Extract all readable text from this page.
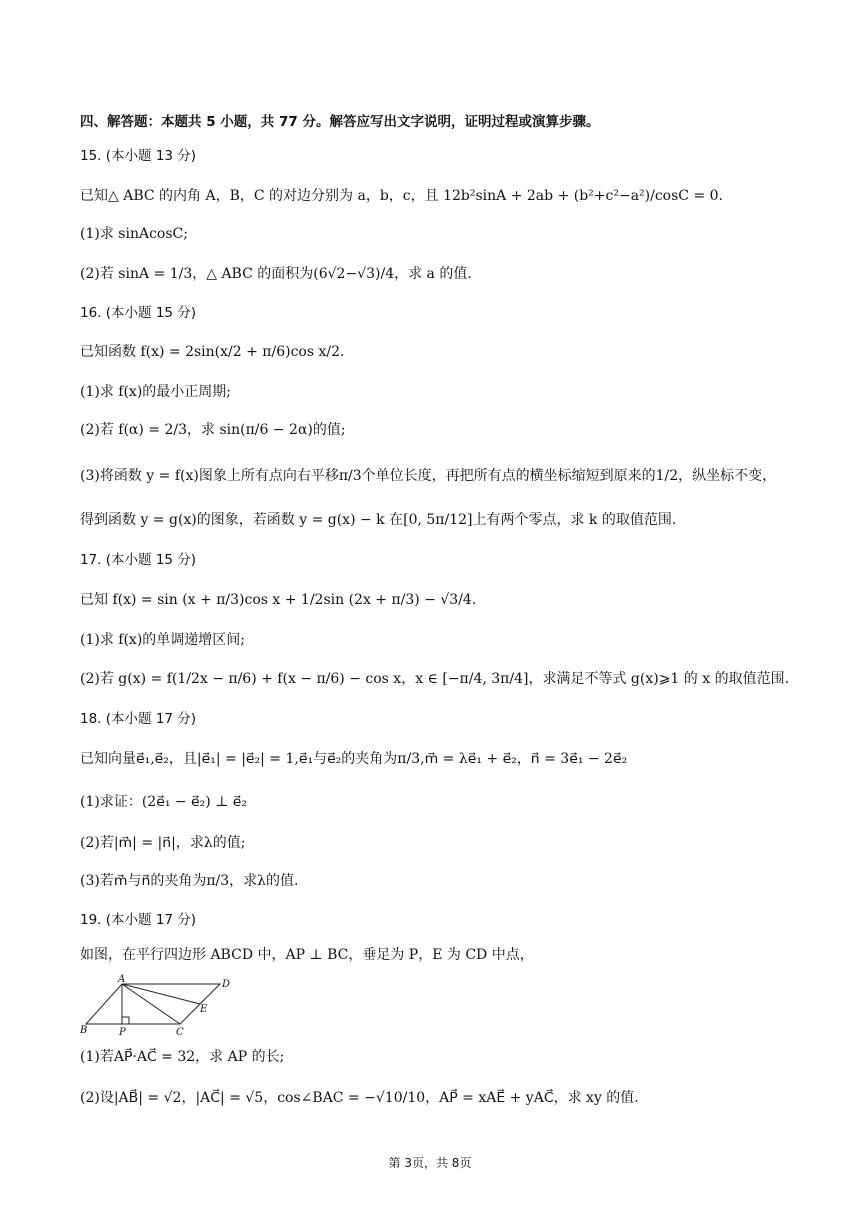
四、解答题：本题共 5 小题，共 77 分。解答应写出文字说明，证明过程或演算步骤。
15. (本小题 13 分)
已知△ ABC 的内角 A，B，C 的对边分别为 a，b，c，且 12b²sinA + 2ab + (b²+c²−a²)/cosC = 0.
(1)求 sinAcosC;
(2)若 sinA = 1/3，△ ABC 的面积为(6√2−√3)/4，求 a 的值.
16. (本小题 15 分)
已知函数 f(x) = 2sin(x/2 + π/6)cos x/2.
(1)求 f(x)的最小正周期;
(2)若 f(α) = 2/3，求 sin(π/6 − 2α)的值;
(3)将函数 y = f(x)图象上所有点向右平移π/3个单位长度，再把所有点的横坐标缩短到原来的1/2，纵坐标不变，
得到函数 y = g(x)的图象，若函数 y = g(x) − k 在[0, 5π/12]上有两个零点，求 k 的取值范围.
17. (本小题 15 分)
已知 f(x) = sin (x + π/3)cos x + 1/2sin (2x + π/3) − √3/4.
(1)求 f(x)的单调递增区间;
(2)若 g(x) = f(1/2x − π/6) + f(x − π/6) − cos x，x ∈ [−π/4, 3π/4]，求满足不等式 g(x)⩾1 的 x 的取值范围.
18. (本小题 17 分)
已知向量e⃗₁,e⃗₂，且|e⃗₁| = |e⃗₂| = 1,e⃗₁与e⃗₂的夹角为π/3,m⃗ = λe⃗₁ + e⃗₂，n⃗ = 3e⃗₁ − 2e⃗₂
(1)求证：(2e⃗₁ − e⃗₂) ⊥ e⃗₂
(2)若|m⃗| = |n⃗|，求λ的值;
(3)若m⃗与n⃗的夹角为π/3，求λ的值.
19. (本小题 17 分)
如图，在平行四边形 ABCD 中，AP ⊥ BC，垂足为 P，E 为 CD 中点，
A	D
E
B	P	C
(1)若AP⃗·AC⃗ = 32，求 AP 的长;
(2)设|AB⃗| = √2，|AC⃗| = √5，cos∠BAC = −√10/10，AP⃗ = xAE⃗ + yAC⃗，求 xy 的值.
第 3页，共 8页
